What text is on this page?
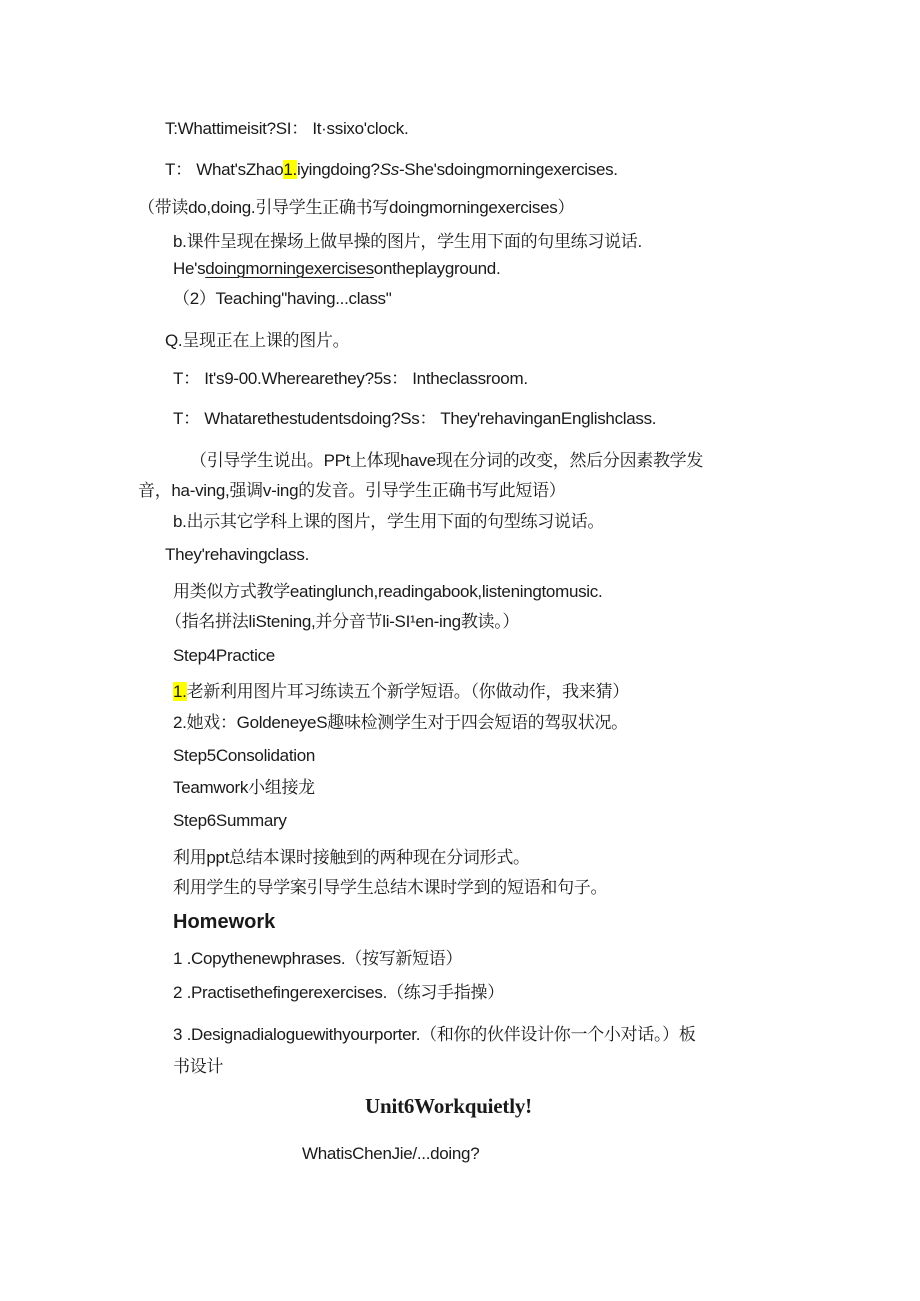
T:Whattimeisit?SI： It·ssixo'clock.
T： What'sZhao1.iyingdoing?Ss-She'sdoingmorningexercises.
（带读do,doing.引导学生正确书写doingmorningexercises）
b.课件呈现在操场上做早操的图片，学生用下面的句里练习说话.
He'sdoingmorningexercisesontheplayground.
（2）Teaching"having...class"
Q.呈现正在上课的图片。
T： It's9-00.Wherearethey?5s： Intheclassroom.
T： Whatarethestudentsdoing?Ss： They'rehavinganEnglishclass.
（引导学生说出。PPt上体现have现在分词的改变，然后分因素教学发
音，ha-ving,强调v-ing的发音。引导学生正确书写此短语）
b.出示其它学科上课的图片，学生用下面的句型练习说话。
They'rehavingclass.
用类似方式教学eatinglunch,readingabook,listeningtomusic.
（指名拼法liStening,并分音节li-SI¹en-ing教读。）
Step4Practice
1.老新利用图片耳习练读五个新学短语。（你做动作，我来猜）
2.她戏：GoldeneyeS趣味检测学生对于四会短语的驾驭状况。
Step5Consolidation
Teamwork小组接龙
Step6Summary
利用ppt总结本课时接触到的两种现在分词形式。
利用学生的导学案引导学生总结木课时学到的短语和句子。
Homework
1 .Copythenewphrases.（按写新短语）
2 .Practisethefingerexercises.（练习手指操）
3 .Designadialoguewithyourporter.（和你的伙伴设计你一个小对话。）板
书设计
Unit6Workquietly!
WhatisChenJie/...doing?
